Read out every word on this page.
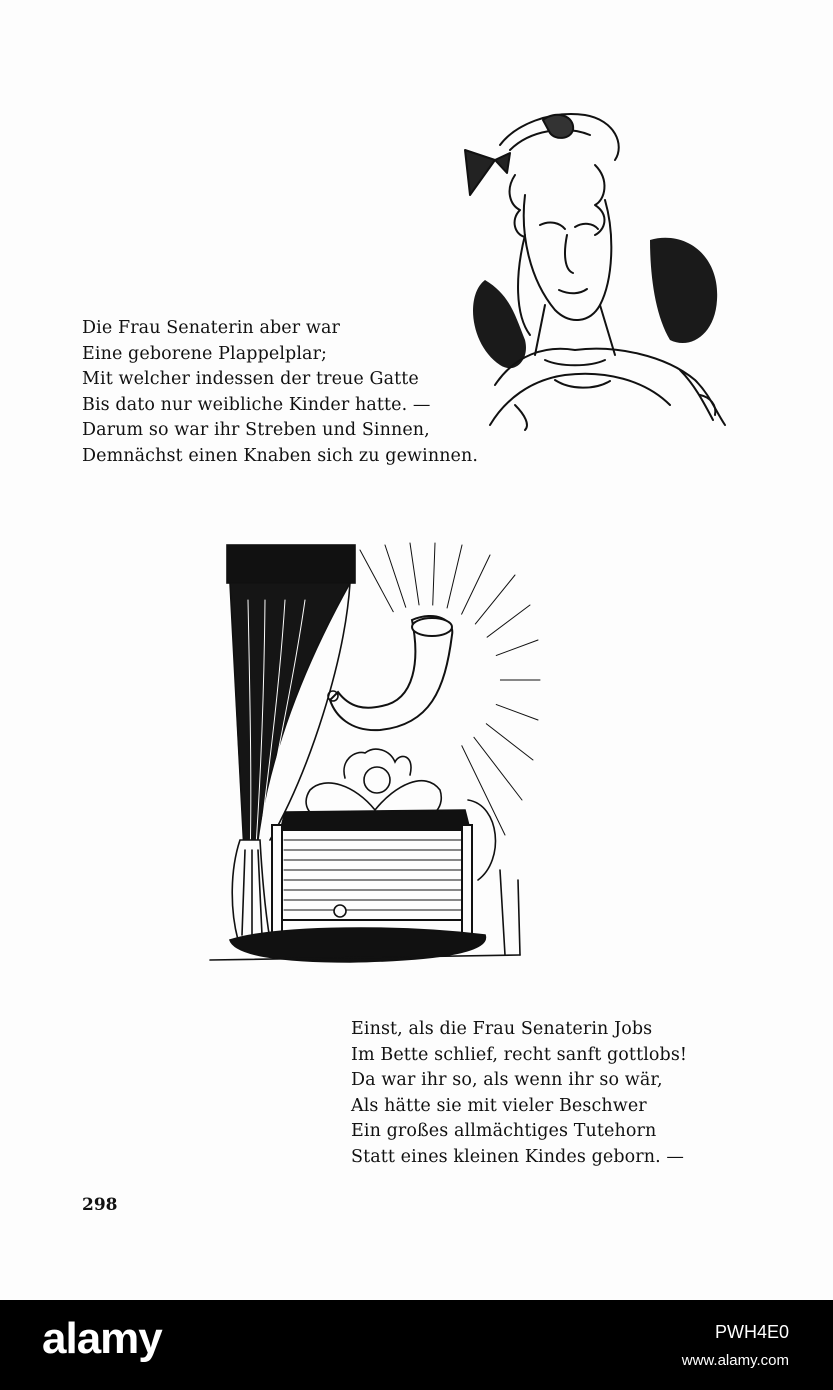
Die Frau Senaterin aber war
Eine geborene Plappelplar;
Mit welcher indessen der treue Gatte
Bis dato nur weibliche Kinder hatte. —
Darum so war ihr Streben und Sinnen,
Demnächst einen Knaben sich zu gewinnen.
Einst, als die Frau Senaterin Jobs
Im Bette schlief, recht sanft gottlobs!
Da war ihr so, als wenn ihr so wär,
Als hätte sie mit vieler Beschwer
Ein großes allmächtiges Tutehorn
Statt eines kleinen Kindes geborn. —
298
alamy	PWH4E0
www.alamy.com
